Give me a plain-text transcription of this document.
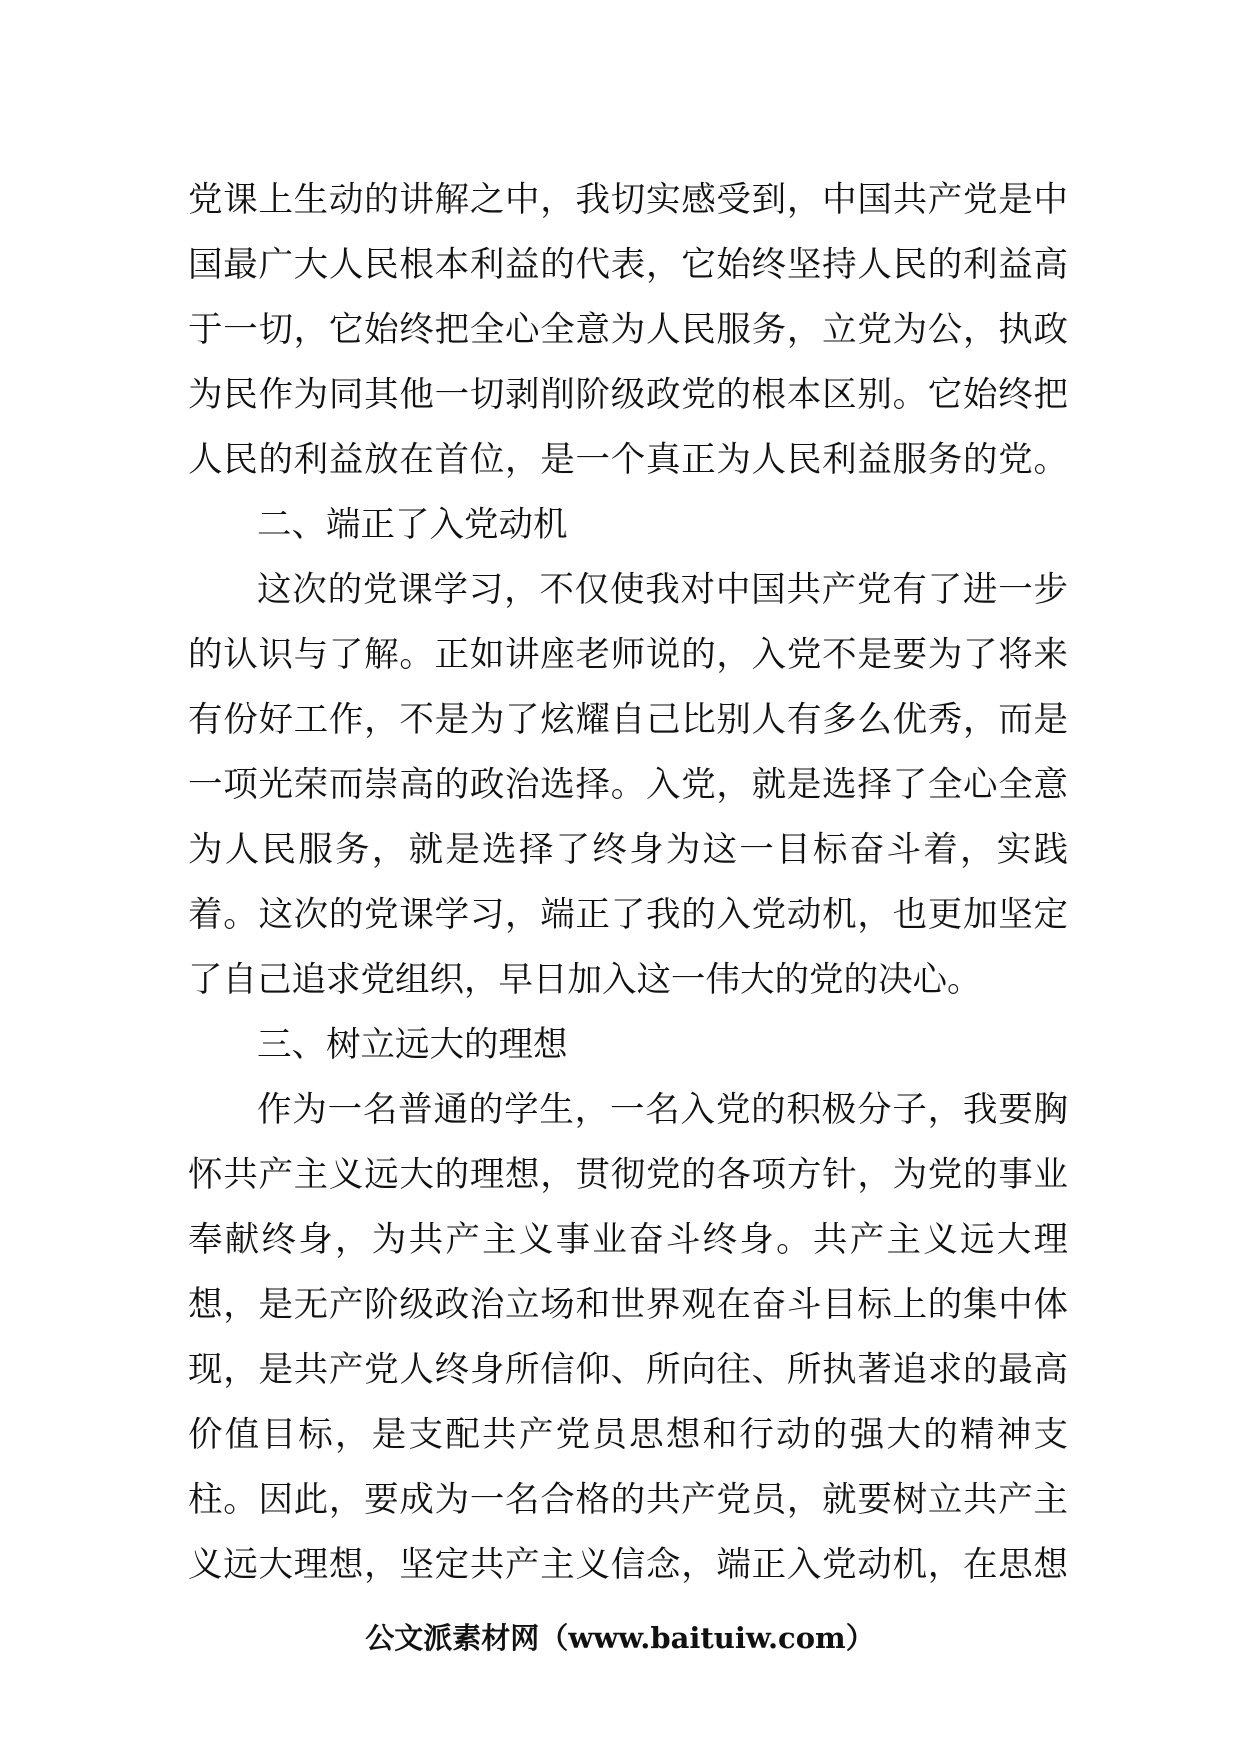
党课上生动的讲解之中，我切实感受到，中国共产党是中
国最广大人民根本利益的代表，它始终坚持人民的利益高
于一切，它始终把全心全意为人民服务，立党为公，执政
为民作为同其他一切剥削阶级政党的根本区别。它始终把
人民的利益放在首位，是一个真正为人民利益服务的党。
二、端正了入党动机
这次的党课学习，不仅使我对中国共产党有了进一步
的认识与了解。正如讲座老师说的，入党不是要为了将来
有份好工作，不是为了炫耀自己比别人有多么优秀，而是
一项光荣而崇高的政治选择。入党，就是选择了全心全意
为人民服务，就是选择了终身为这一目标奋斗着，实践
着。这次的党课学习，端正了我的入党动机，也更加坚定
了自己追求党组织，早日加入这一伟大的党的决心。
三、树立远大的理想
作为一名普通的学生，一名入党的积极分子，我要胸
怀共产主义远大的理想，贯彻党的各项方针，为党的事业
奉献终身，为共产主义事业奋斗终身。共产主义远大理
想，是无产阶级政治立场和世界观在奋斗目标上的集中体
现，是共产党人终身所信仰、所向往、所执著追求的最高
价值目标，是支配共产党员思想和行动的强大的精神支
柱。因此，要成为一名合格的共产党员，就要树立共产主
义远大理想，坚定共产主义信念，端正入党动机，在思想
公文派素材网（www.baituiw.com）
